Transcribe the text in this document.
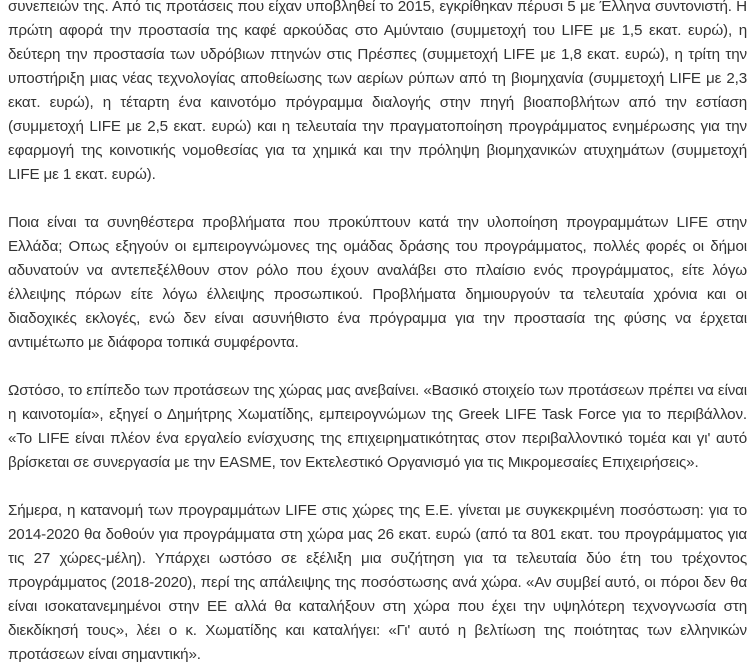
συνεπειών της. Από τις προτάσεις που είχαν υποβληθεί το 2015, εγκρίθηκαν πέρυσι 5 με Έλληνα συντονιστή. Η πρώτη αφορά την προστασία της καφέ αρκούδας στο Αμύνταιο (συμμετοχή του LIFE με 1,5 εκατ. ευρώ), η δεύτερη την προστασία των υδρόβιων πτηνών στις Πρέσπες (συμμετοχή LIFE με 1,8 εκατ. ευρώ), η τρίτη την υποστήριξη μιας νέας τεχνολογίας αποθείωσης των αερίων ρύπων από τη βιομηχανία (συμμετοχή LIFE με 2,3 εκατ. ευρώ), η τέταρτη ένα καινοτόμο πρόγραμμα διαλογής στην πηγή βιοαποβλήτων από την εστίαση (συμμετοχή LIFE με 2,5 εκατ. ευρώ) και η τελευταία την πραγματοποίηση προγράμματος ενημέρωσης για την εφαρμογή της κοινοτικής νομοθεσίας για τα χημικά και την πρόληψη βιομηχανικών ατυχημάτων (συμμετοχή LIFE με 1 εκατ. ευρώ).

Ποια είναι τα συνηθέστερα προβλήματα που προκύπτουν κατά την υλοποίηση προγραμμάτων LIFE στην Ελλάδα; Οπως εξηγούν οι εμπειρογνώμονες της ομάδας δράσης του προγράμματος, πολλές φορές οι δήμοι αδυνατούν να αντεπεξέλθουν στον ρόλο που έχουν αναλάβει στο πλαίσιο ενός προγράμματος, είτε λόγω έλλειψης πόρων είτε λόγω έλλειψης προσωπικού. Προβλήματα δημιουργούν τα τελευταία χρόνια και οι διαδοχικές εκλογές, ενώ δεν είναι ασυνήθιστο ένα πρόγραμμα για την προστασία της φύσης να έρχεται αντιμέτωπο με διάφορα τοπικά συμφέροντα.

Ωστόσο, το επίπεδο των προτάσεων της χώρας μας ανεβαίνει. «Βασικό στοιχείο των προτάσεων πρέπει να είναι η καινοτομία», εξηγεί ο Δημήτρης Χωματίδης, εμπειρογνώμων της Greek LIFE Task Force για το περιβάλλον. «Το LIFE είναι πλέον ένα εργαλείο ενίσχυσης της επιχειρηματικότητας στον περιβαλλοντικό τομέα και γι' αυτό βρίσκεται σε συνεργασία με την EASME, τον Εκτελεστικό Οργανισμό για τις Μικρομεσαίες Επιχειρήσεις».

Σήμερα, η κατανομή των προγραμμάτων LIFE στις χώρες της Ε.Ε. γίνεται με συγκεκριμένη ποσόστωση: για το 2014-2020 θα δοθούν για προγράμματα στη χώρα μας 26 εκατ. ευρώ (από τα 801 εκατ. του προγράμματος για τις 27 χώρες-μέλη). Υπάρχει ωστόσο σε εξέλιξη μια συζήτηση για τα τελευταία δύο έτη του τρέχοντος προγράμματος (2018-2020), περί της απάλειψης της ποσόστωσης ανά χώρα. «Αν συμβεί αυτό, οι πόροι δεν θα είναι ισοκατανεμημένοι στην ΕΕ αλλά θα καταλήξουν στη χώρα που έχει την υψηλότερη τεχνογνωσία στη διεκδίκησή τους», λέει ο κ. Χωματίδης και καταλήγει: «Γι' αυτό η βελτίωση της ποιότητας των ελληνικών προτάσεων είναι σημαντική».
